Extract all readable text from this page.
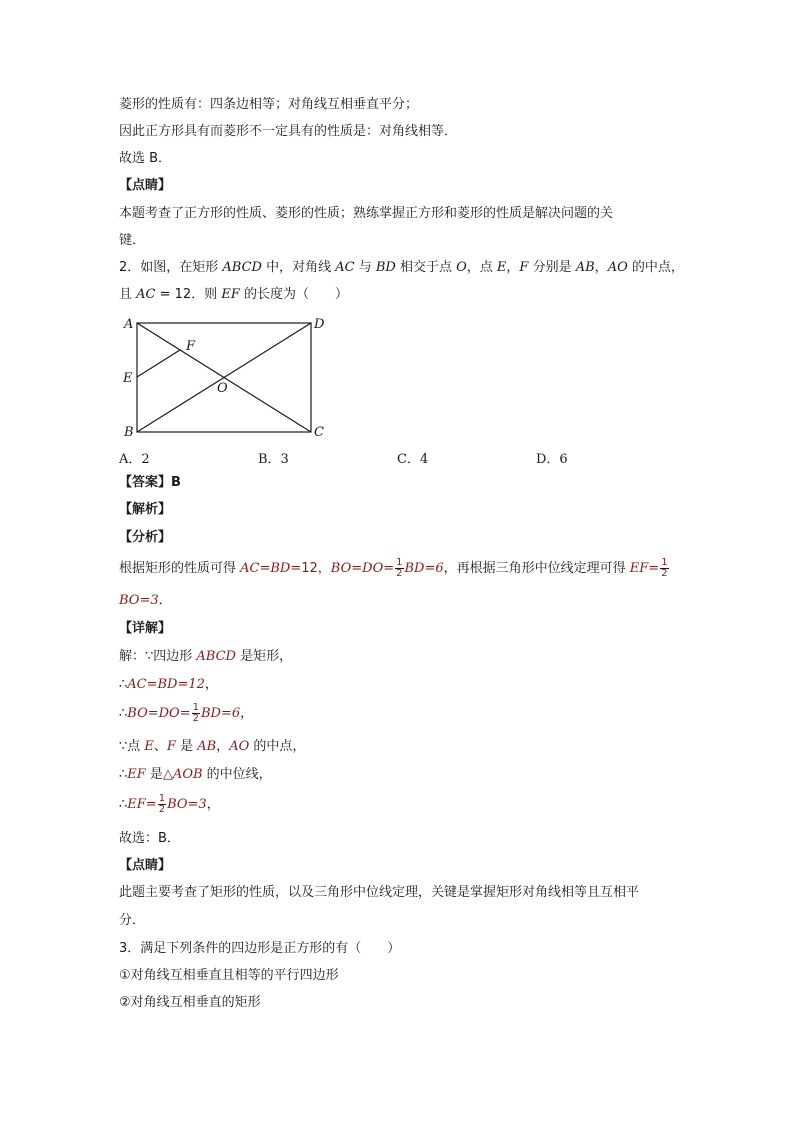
菱形的性质有：四条边相等；对角线互相垂直平分；
因此正方形具有而菱形不一定具有的性质是：对角线相等．
故选 B．
【点睛】
本题考查了正方形的性质、菱形的性质；熟练掌握正方形和菱形的性质是解决问题的关
键．
2．如图，在矩形 ABCD 中，对角线 AC 与 BD 相交于点 O，点 E，F 分别是 AB，AO 的中点，
且 AC = 12．则 EF 的长度为（　　）
A	D
F
E
O
B	C
A．2	B．3	C．4	D．6
【答案】B
【解析】
【分析】
根据矩形的性质可得 AC=BD=12，$BO=DO= \frac{1}{2} BD=6$，再根据三角形中位线定理可得 $EF= \frac{1}{2}$
BO=3．
【详解】
解：∵四边形 ABCD 是矩形，
∴AC=BD=12，
∴BO=DO= $\frac{1}{2} BD=6$，
∵点 E、F 是 AB，AO 的中点，
∴EF 是△AOB 的中位线，
∴EF= $\frac{1}{2} BO=3$，
故选：B．
【点睛】
此题主要考查了矩形的性质，以及三角形中位线定理，关键是掌握矩形对角线相等且互相平
分．
3．满足下列条件的四边形是正方形的有（　　）
①对角线互相垂直且相等的平行四边形
②对角线互相垂直的矩形
